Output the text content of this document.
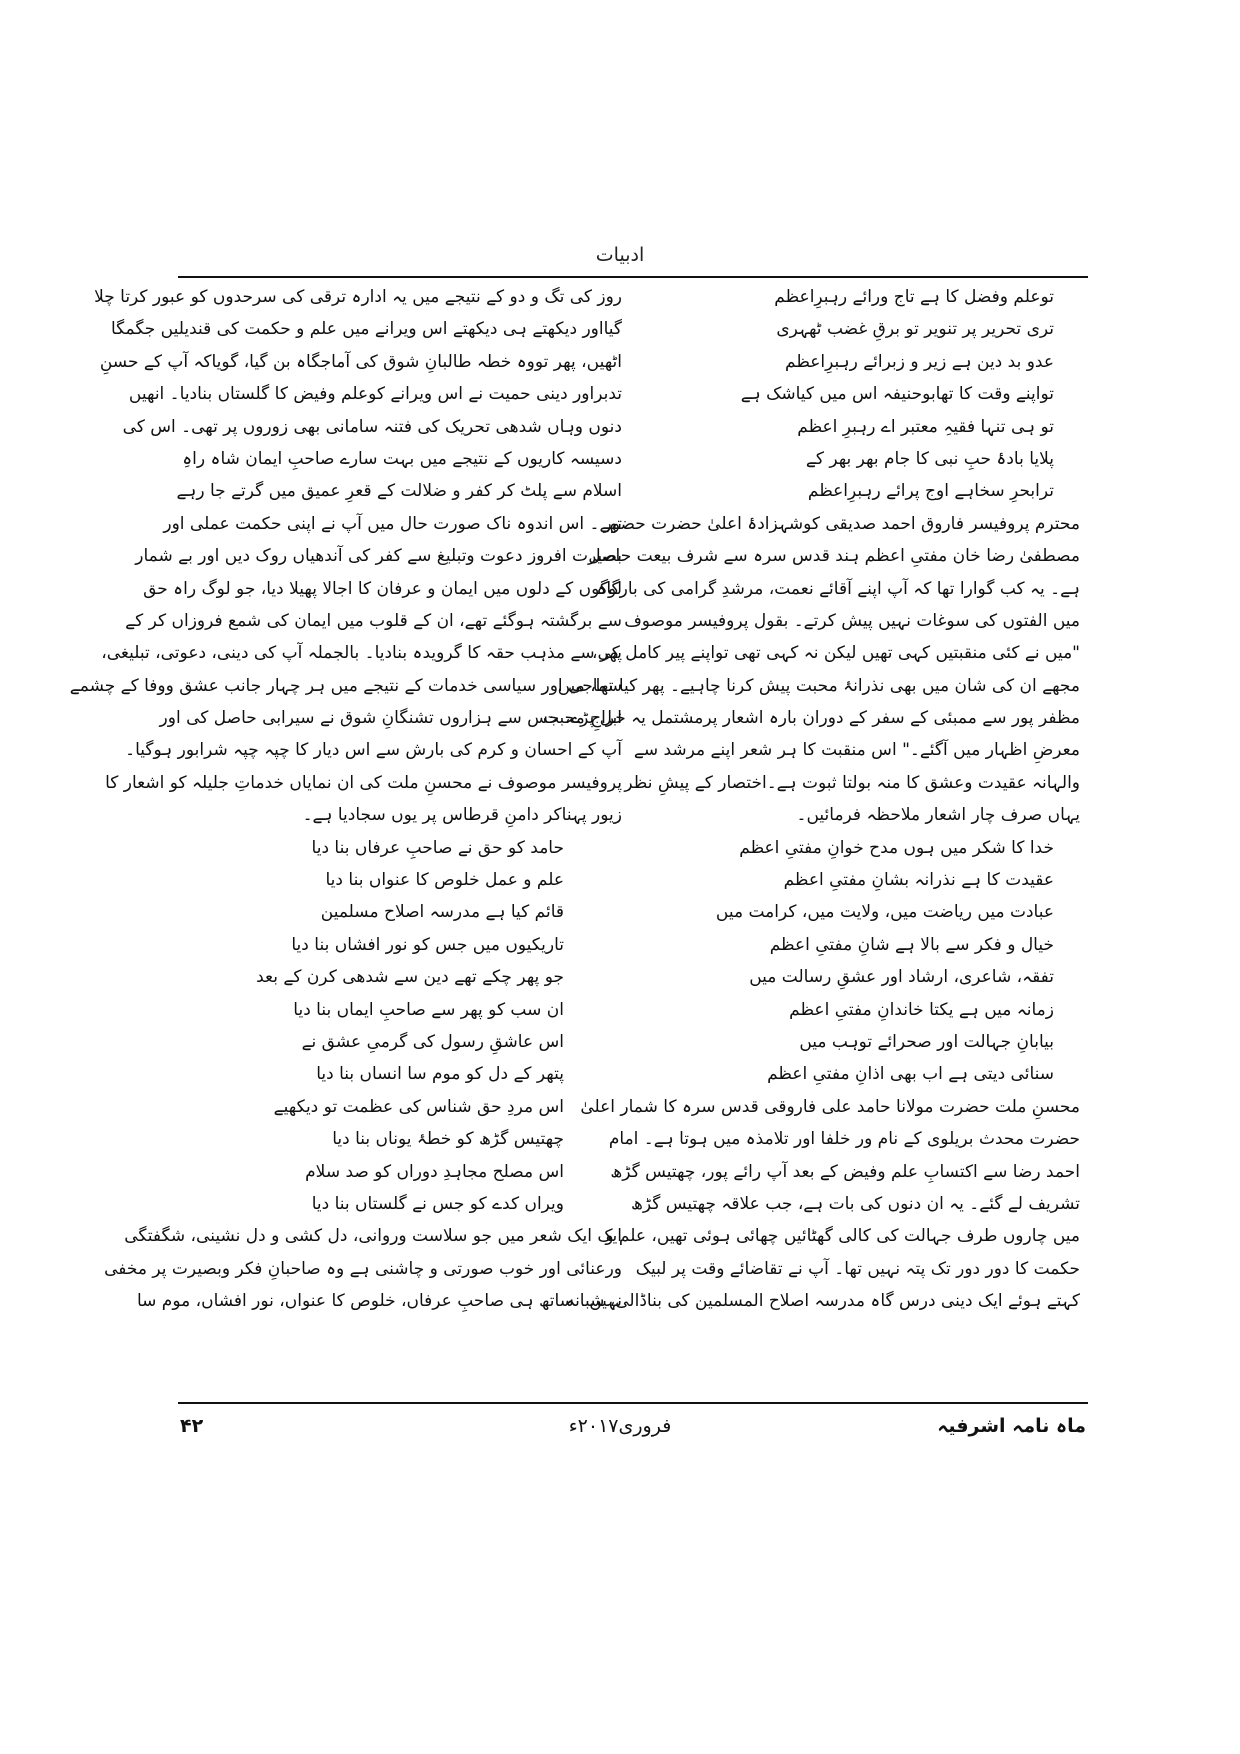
ادبیات
توعلم وفضل کا ہے تاج ورائے رہبرِاعظم
تری تحریر پر تنویر تو برقِ غضب ٹھہری
عدو بد دین ہے زیر و زبرائے رہبرِاعظم
تواپنے وقت کا تھابوحنیفہ اس میں کیاشک ہے
تو ہی تنہا فقیہِ معتبر اے رہبرِ اعظم
پلایا بادۂ حبِ نبی کا جام بھر بھر کے
ترابحرِ سخاہے اوج پرائے رہبرِاعظم
محترم پروفیسر فاروق احمد صدیقی کوشہزادۂ اعلیٰ حضرت حضور
مصطفیٰ رضا خان مفتیِ اعظم ہند قدس سرہ سے شرف بیعت حاصل
ہے۔ یہ کب گوارا تھا کہ آپ اپنے آقائے نعمت، مرشدِ گرامی کی بارگاہ
میں الفتوں کی سوغات نہیں پیش کرتے۔ بقول پروفیسر موصوف
"میں نے کئی منقبتیں کہی تھیں لیکن نہ کہی تھی تواپنے پیر کامل کی،
مجھے ان کی شان میں بھی نذرانۂ محبت پیش کرنا چاہیے۔ پھر کیا تھا، میں
مظفر پور سے ممبئی کے سفر کے دوران بارہ اشعار پرمشتمل یہ خراجِ محبت
معرضِ اظہار میں آگئے۔" اس منقبت کا ہر شعر اپنے مرشد سے
والہانہ عقیدت وعشق کا منہ بولتا ثبوت ہے۔اختصار کے پیشِ نظر
یہاں صرف چار اشعار ملاحظہ فرمائیں۔
خدا کا شکر میں ہوں مدح خوانِ مفتیِ اعظم
عقیدت کا ہے نذرانہ بشانِ مفتیِ اعظم
عبادت میں ریاضت میں، ولایت میں، کرامت میں
خیال و فکر سے بالا ہے شانِ مفتیِ اعظم
تفقہ، شاعری، ارشاد اور عشقِ رسالت میں
زمانہ میں ہے یکتا خاندانِ مفتیِ اعظم
بیابانِ جہالت اور صحرائے توہب میں
سنائی دیتی ہے اب بھی اذانِ مفتیِ اعظم
محسنِ ملت حضرت مولانا حامد علی فاروقی قدس سرہ کا شمار اعلیٰ
حضرت محدث بریلوی کے نام ور خلفا اور تلامذہ میں ہوتا ہے۔ امام
احمد رضا سے اکتسابِ علم وفیض کے بعد آپ رائے پور، چھتیس گڑھ
تشریف لے گئے۔ یہ ان دنوں کی بات ہے، جب علاقہ چھتیس گڑھ
میں چاروں طرف جہالت کی کالی گھٹائیں چھائی ہوئی تھیں، علم و
حکمت کا دور دور تک پتہ نہیں تھا۔ آپ نے تقاضائے وقت پر لبیک
کہتے ہوئے ایک دینی درس گاہ مدرسہ اصلاح المسلمین کی بناڈالی، شبانہ
روز کی تگ و دو کے نتیجے میں یہ ادارہ ترقی کی سرحدوں کو عبور کرتا چلا
گیااور دیکھتے ہی دیکھتے اس ویرانے میں علم و حکمت کی قندیلیں جگمگا
اٹھیں، پھر تووہ خطہ طالبانِ شوق کی آماجگاہ بن گیا، گویاکہ آپ کے حسنِ
تدبراور دینی حمیت نے اس ویرانے کوعلم وفیض کا گلستاں بنادیا۔ انھیں
دنوں وہاں شدھی تحریک کی فتنہ سامانی بھی زوروں پر تھی۔ اس کی
دسیسہ کاریوں کے نتیجے میں بہت سارے صاحبِ ایمان شاہ راہِ
اسلام سے پلٹ کر کفر و ضلالت کے قعرِ عمیق میں گرتے جا رہے
تھے۔ اس اندوہ ناک صورت حال میں آپ نے اپنی حکمت عملی اور
بصیرت افروز دعوت وتبلیغ سے کفر کی آندھیاں روک دیں اور بے شمار
لوگوں کے دلوں میں ایمان و عرفان کا اجالا پھیلا دیا، جو لوگ راہ حق
سے برگشتہ ہوگئے تھے، ان کے قلوب میں ایمان کی شمع فروزاں کر کے
پھر سے مذہب حقہ کا گرویدہ بنادیا۔ بالجملہ آپ کی دینی، دعوتی، تبلیغی،
سماجی اور سیاسی خدمات کے نتیجے میں ہر چہار جانب عشق ووفا کے چشمے
ابل پڑے، جس سے ہزاروں تشنگانِ شوق نے سیرابی حاصل کی اور
آپ کے احسان و کرم کی بارش سے اس دیار کا چپہ چپہ شرابور ہوگیا۔
پروفیسر موصوف نے محسنِ ملت کی ان نمایاں خدماتِ جلیلہ کو اشعار کا
زیور پہناکر دامنِ قرطاس پر یوں سجادیا ہے۔
حامد کو حق نے صاحبِ عرفاں بنا دیا
علم و عمل خلوص کا عنواں بنا دیا
قائم کیا ہے مدرسہ اصلاح مسلمین
تاریکیوں میں جس کو نور افشاں بنا دیا
جو پھر چکے تھے دین سے شدھی کرن کے بعد
ان سب کو پھر سے صاحبِ ایماں بنا دیا
اس عاشقِ رسول کی گرمیِ عشق نے
پتھر کے دل کو موم سا انساں بنا دیا
اس مردِ حق شناس کی عظمت تو دیکھیے
چھتیس گڑھ کو خطۂ یوناں بنا دیا
اس مصلح مجاہدِ دوراں کو صد سلام
ویراں کدے کو جس نے گلستاں بنا دیا
ایک ایک شعر میں جو سلاست وروانی، دل کشی و دل نشینی، شگفتگی
ورعنائی اور خوب صورتی و چاشنی ہے وہ صاحبانِ فکر وبصیرت پر مخفی
نہیں۔ ساتھ ہی صاحبِ عرفاں، خلوص کا عنواں، نور افشاں، موم سا
ماہ نامہ اشرفیہ
فروری۲۰۱۷ء
۴۲
